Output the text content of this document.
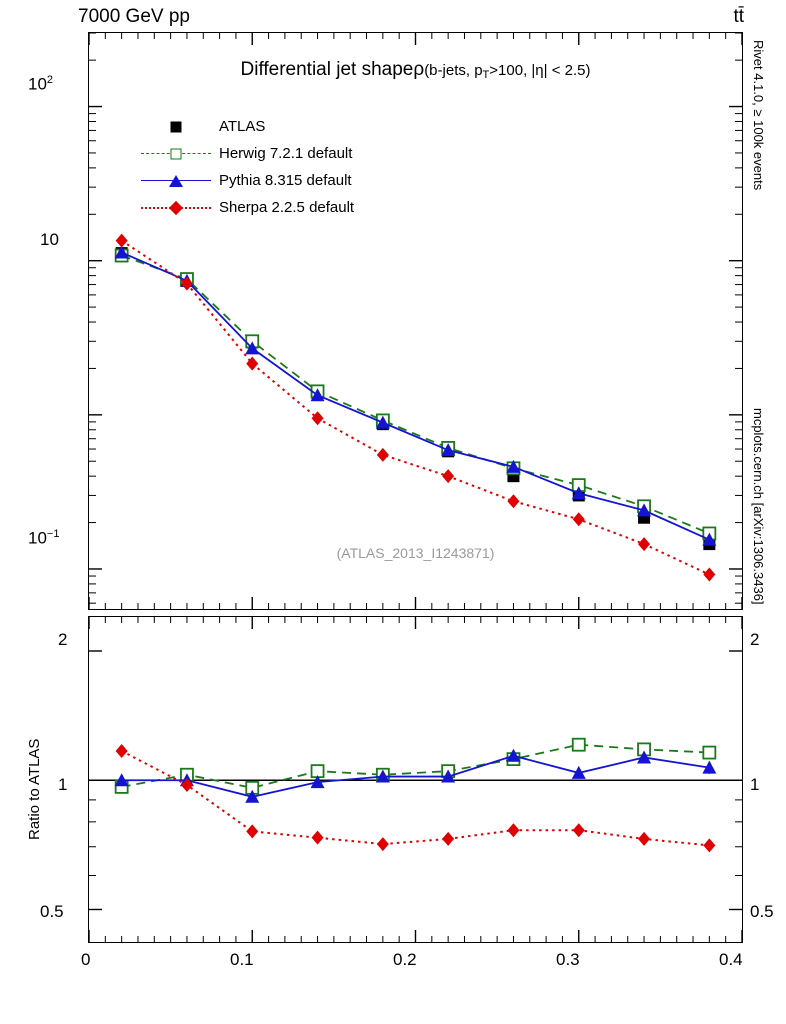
7000 GeV pp	tt̄
Rivet 4.1.0, ≥ 100k events
mcplots.cern.ch [arXiv:1306.3436]
Differential jet shapeρ(b-jets, $p_T>100$, |η| < 2.5)
ATLAS
Herwig 7.2.1 default
Pythia 8.315 default
Sherpa 2.2.5 default
(ATLAS_2013_I1243871)
$10^2$
10
$10^{-1}$
2
1
0.5
2
1
0.5
Ratio to ATLAS
0	0.1	0.2	0.3	0.4
